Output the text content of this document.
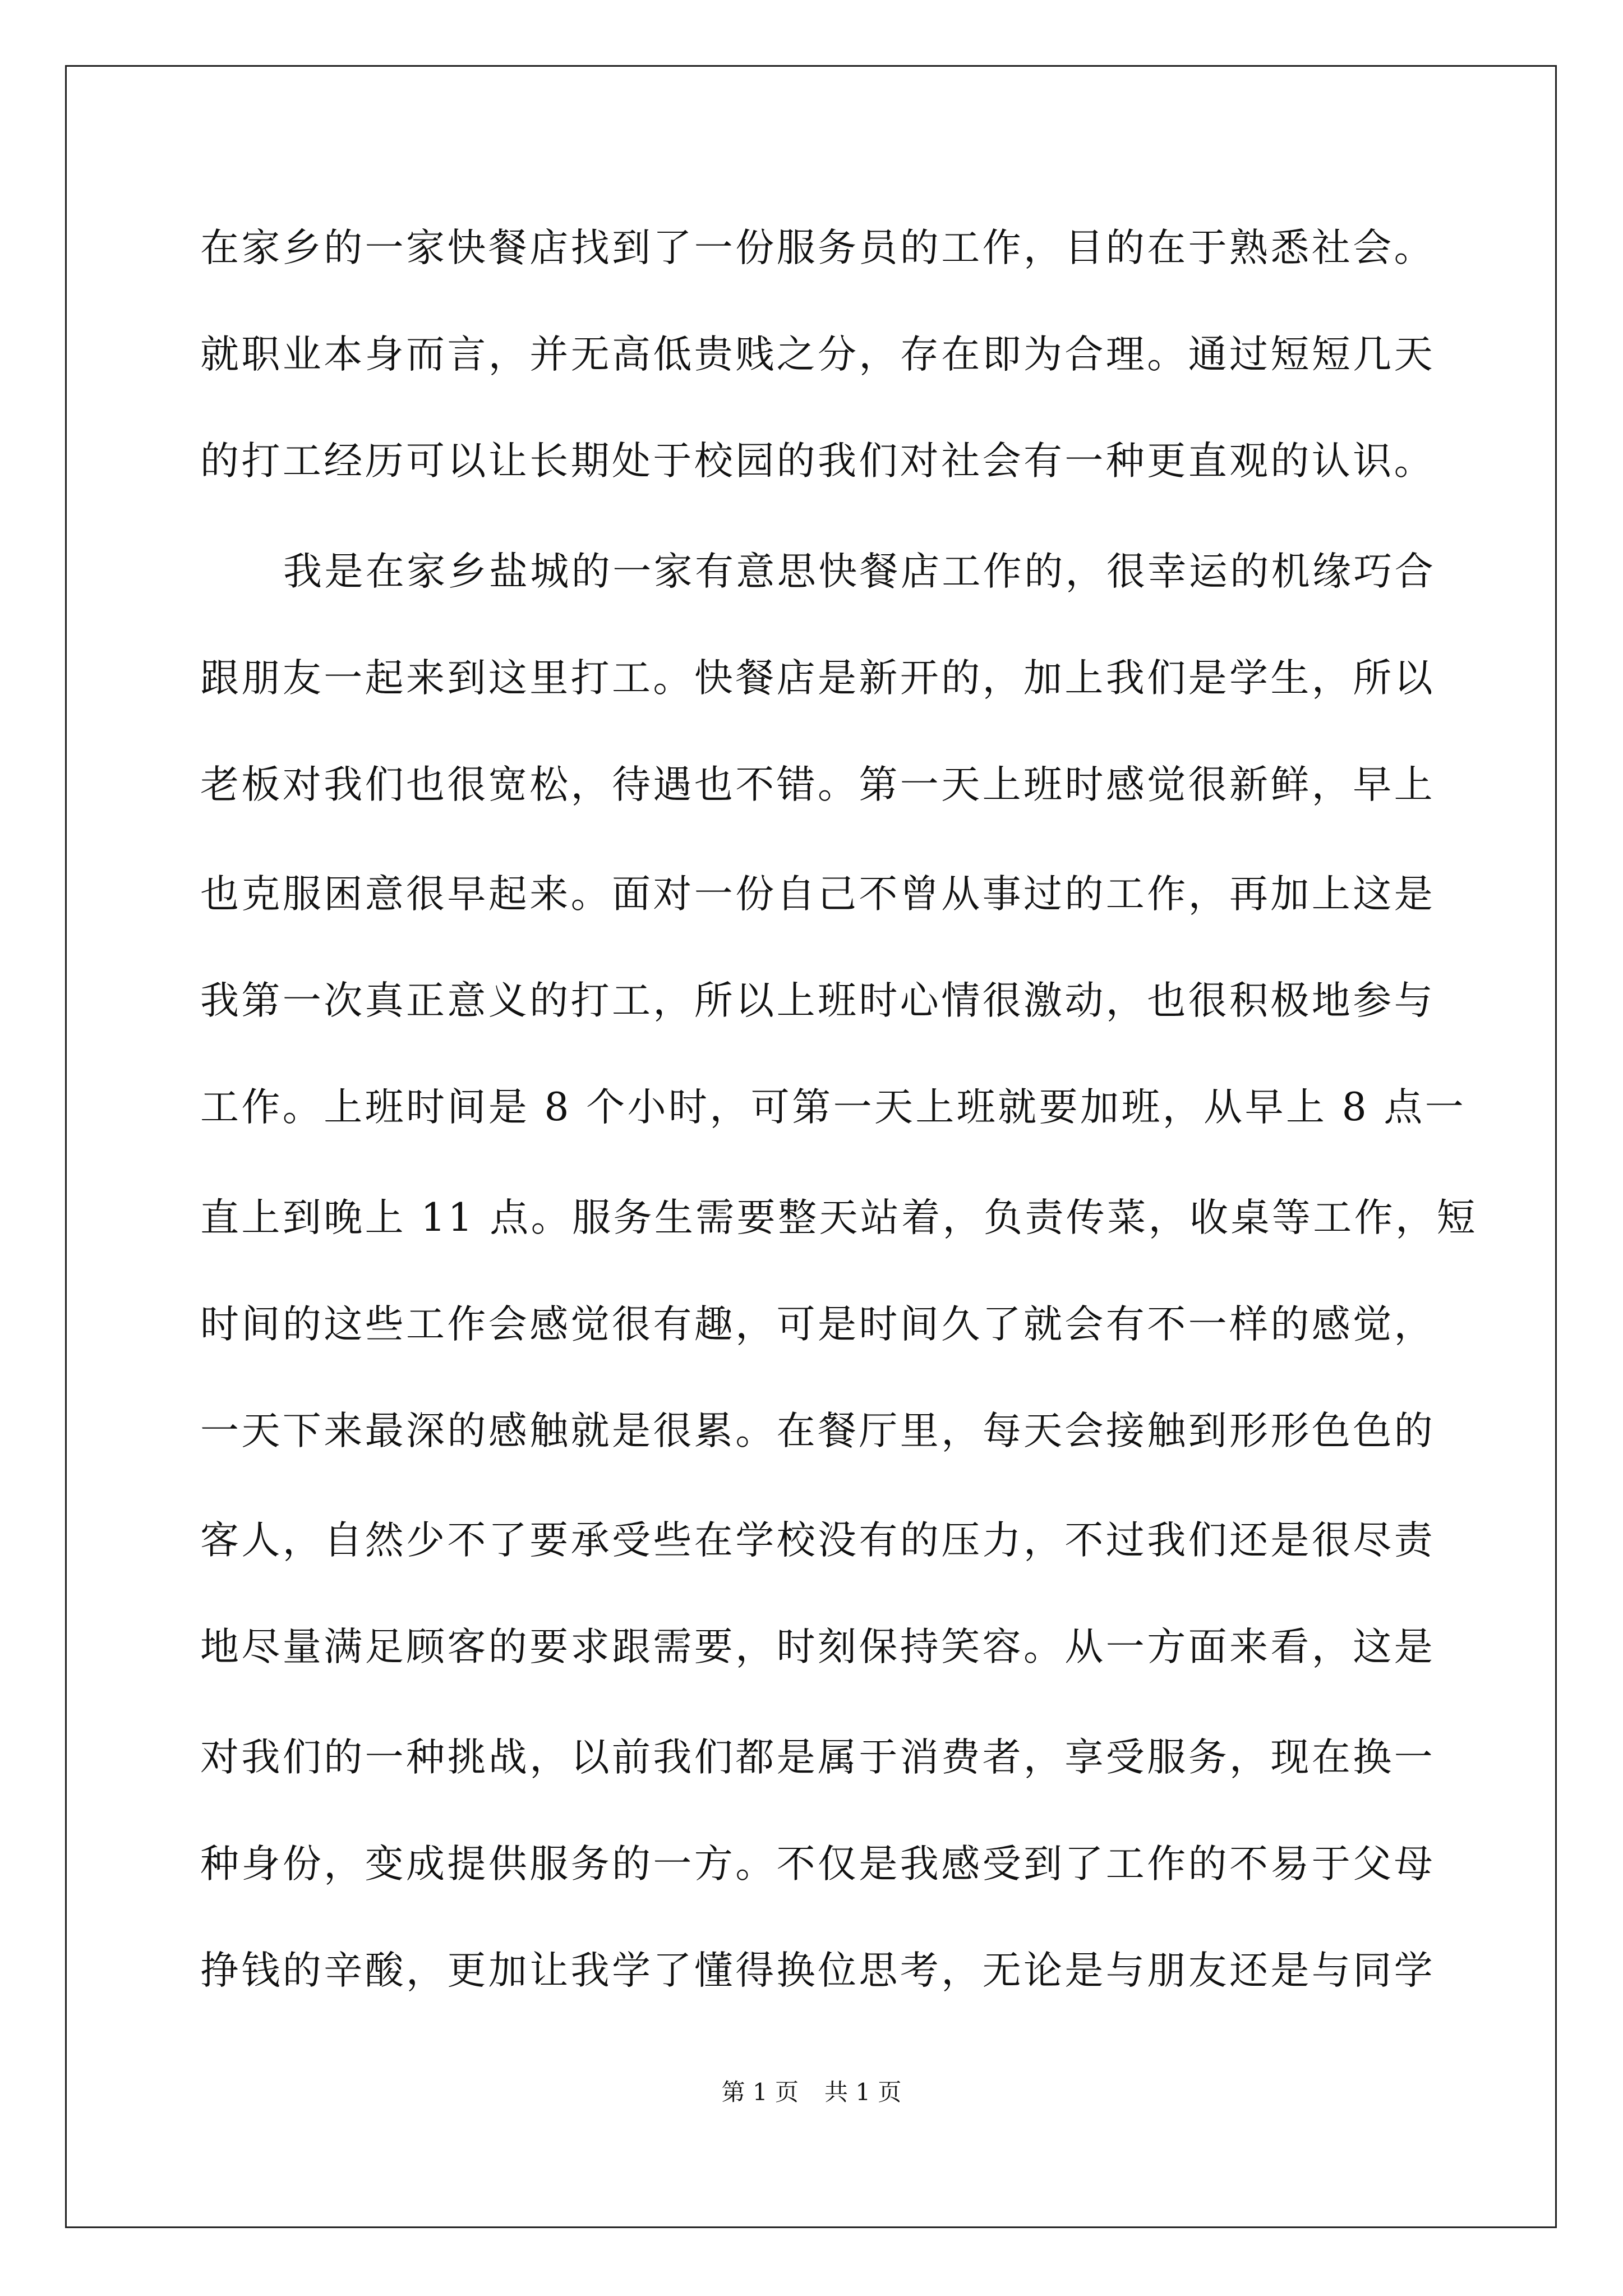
在家乡的一家快餐店找到了一份服务员的工作，目的在于熟悉社会。
就职业本身而言，并无高低贵贱之分，存在即为合理。通过短短几天
的打工经历可以让长期处于校园的我们对社会有一种更直观的认识。
我是在家乡盐城的一家有意思快餐店工作的，很幸运的机缘巧合
跟朋友一起来到这里打工。快餐店是新开的，加上我们是学生，所以
老板对我们也很宽松，待遇也不错。第一天上班时感觉很新鲜，早上
也克服困意很早起来。面对一份自己不曾从事过的工作，再加上这是
我第一次真正意义的打工，所以上班时心情很激动，也很积极地参与
工作。上班时间是 8 个小时，可第一天上班就要加班，从早上 8 点一
直上到晚上 11 点。服务生需要整天站着，负责传菜，收桌等工作，短
时间的这些工作会感觉很有趣，可是时间久了就会有不一样的感觉，
一天下来最深的感触就是很累。在餐厅里，每天会接触到形形色色的
客人，自然少不了要承受些在学校没有的压力，不过我们还是很尽责
地尽量满足顾客的要求跟需要，时刻保持笑容。从一方面来看，这是
对我们的一种挑战，以前我们都是属于消费者，享受服务，现在换一
种身份，变成提供服务的一方。不仅是我感受到了工作的不易于父母
挣钱的辛酸，更加让我学了懂得换位思考，无论是与朋友还是与同学
第 1 页 共 1 页
